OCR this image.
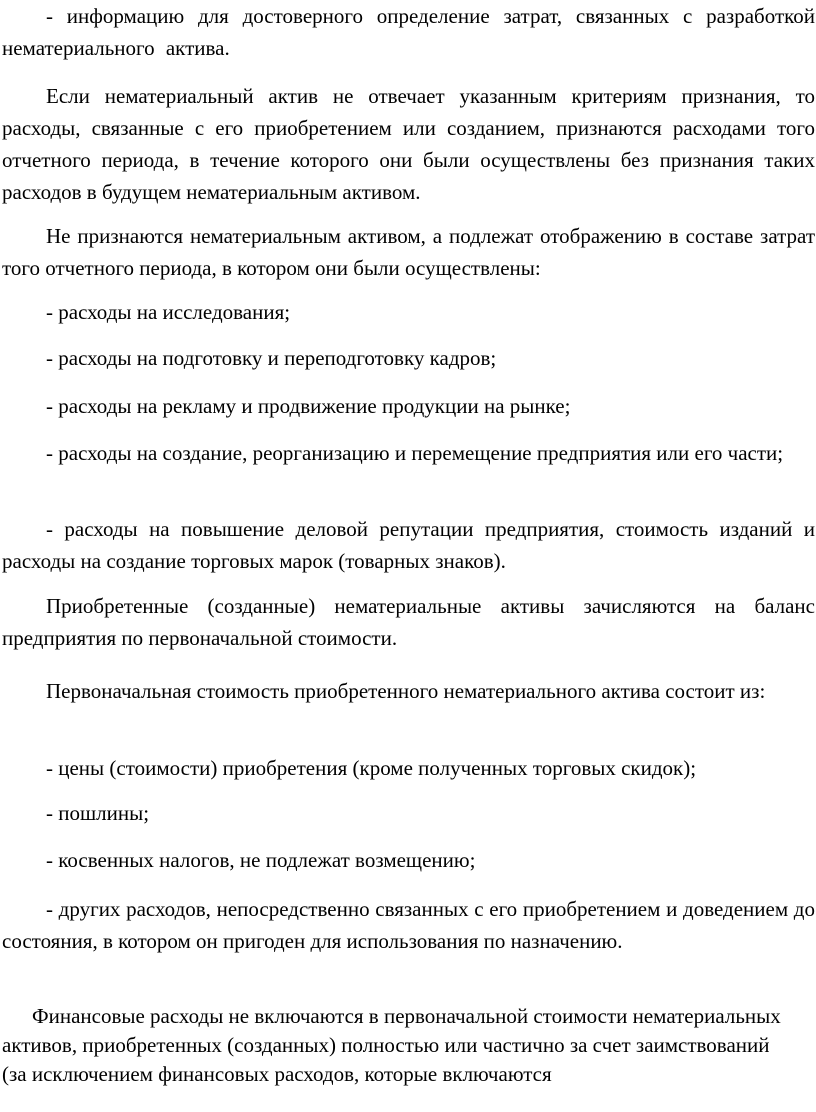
- информацию для достоверного определение затрат, связанных с разработкой нематериального актива.

Если нематериальный актив не отвечает указанным критериям признания, то расходы, связанные с его приобретением или созданием, признаются расходами того отчетного периода, в течение которого они были осуществлены без признания таких расходов в будущем нематериальным активом.

Не признаются нематериальным активом, а подлежат отображению в составе затрат того отчетного периода, в котором они были осуществлены:

- расходы на исследования;

- расходы на подготовку и переподготовку кадров;

- расходы на рекламу и продвижение продукции на рынке;

- расходы на создание, реорганизацию и перемещение предприятия или его части;

- расходы на повышение деловой репутации предприятия, стоимость изданий и расходы на создание торговых марок (товарных знаков).

Приобретенные (созданные) нематериальные активы зачисляются на баланс предприятия по первоначальной стоимости.

Первоначальная стоимость приобретенного нематериального актива состоит из:

- цены (стоимости) приобретения (кроме полученных торговых скидок);

- пошлины;

- косвенных налогов, не подлежат возмещению;

- других расходов, непосредственно связанных с его приобретением и доведением до состояния, в котором он пригоден для использования по назначению.

Финансовые расходы не включаются в первоначальной стоимости нематериальных активов, приобретенных (созданных) полностью или частично за счет заимствований (за исключением финансовых расходов, которые включаются
